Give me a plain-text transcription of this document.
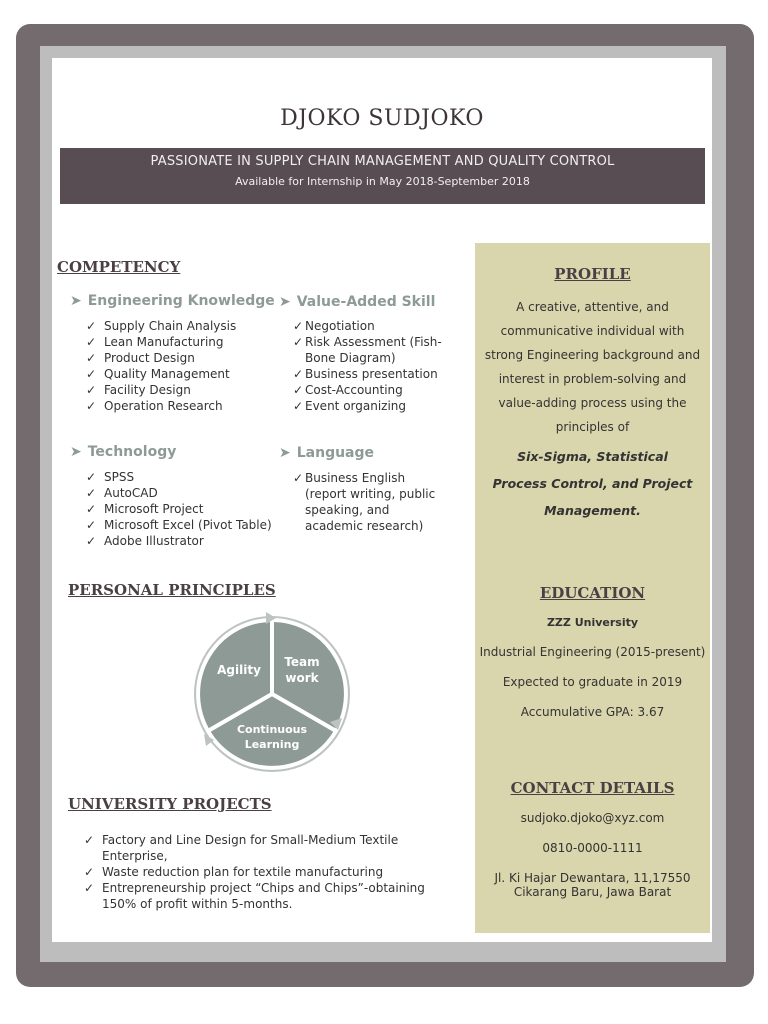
DJOKO SUDJOKO
PASSIONATE IN SUPPLY CHAIN MANAGEMENT AND QUALITY CONTROL
Available for Internship in May 2018-September 2018
COMPETENCY
➤ Engineering Knowledge
✓ Supply Chain Analysis
✓ Lean Manufacturing
✓ Product Design
✓ Quality Management
✓ Facility Design
✓ Operation Research
➤ Value-Added Skill
✓ Negotiation
✓ Risk Assessment (Fish-Bone Diagram)
✓ Business presentation
✓ Cost-Accounting
✓ Event organizing
➤ Technology
✓ SPSS
✓ AutoCAD
✓ Microsoft Project
✓ Microsoft Excel (Pivot Table)
✓ Adobe Illustrator
➤ Language
✓ Business English (report writing, public speaking, and academic research)
PERSONAL PRINCIPLES
Agility
Team
work
Continuous
Learning
UNIVERSITY PROJECTS
✓ Factory and Line Design for Small-Medium Textile Enterprise,
✓ Waste reduction plan for textile manufacturing
✓ Entrepreneurship project “Chips and Chips”-obtaining 150% of profit within 5-months.
PROFILE

A creative, attentive, and communicative individual with strong Engineering background and interest in problem-solving and value-adding process using the principles of

Six-Sigma, Statistical Process Control, and Project Management.

EDUCATION

ZZZ University

Industrial Engineering (2015-present)

Expected to graduate in 2019

Accumulative GPA: 3.67

CONTACT DETAILS

sudjoko.djoko@xyz.com

0810-0000-1111

Jl. Ki Hajar Dewantara, 11,17550

Cikarang Baru, Jawa Barat
